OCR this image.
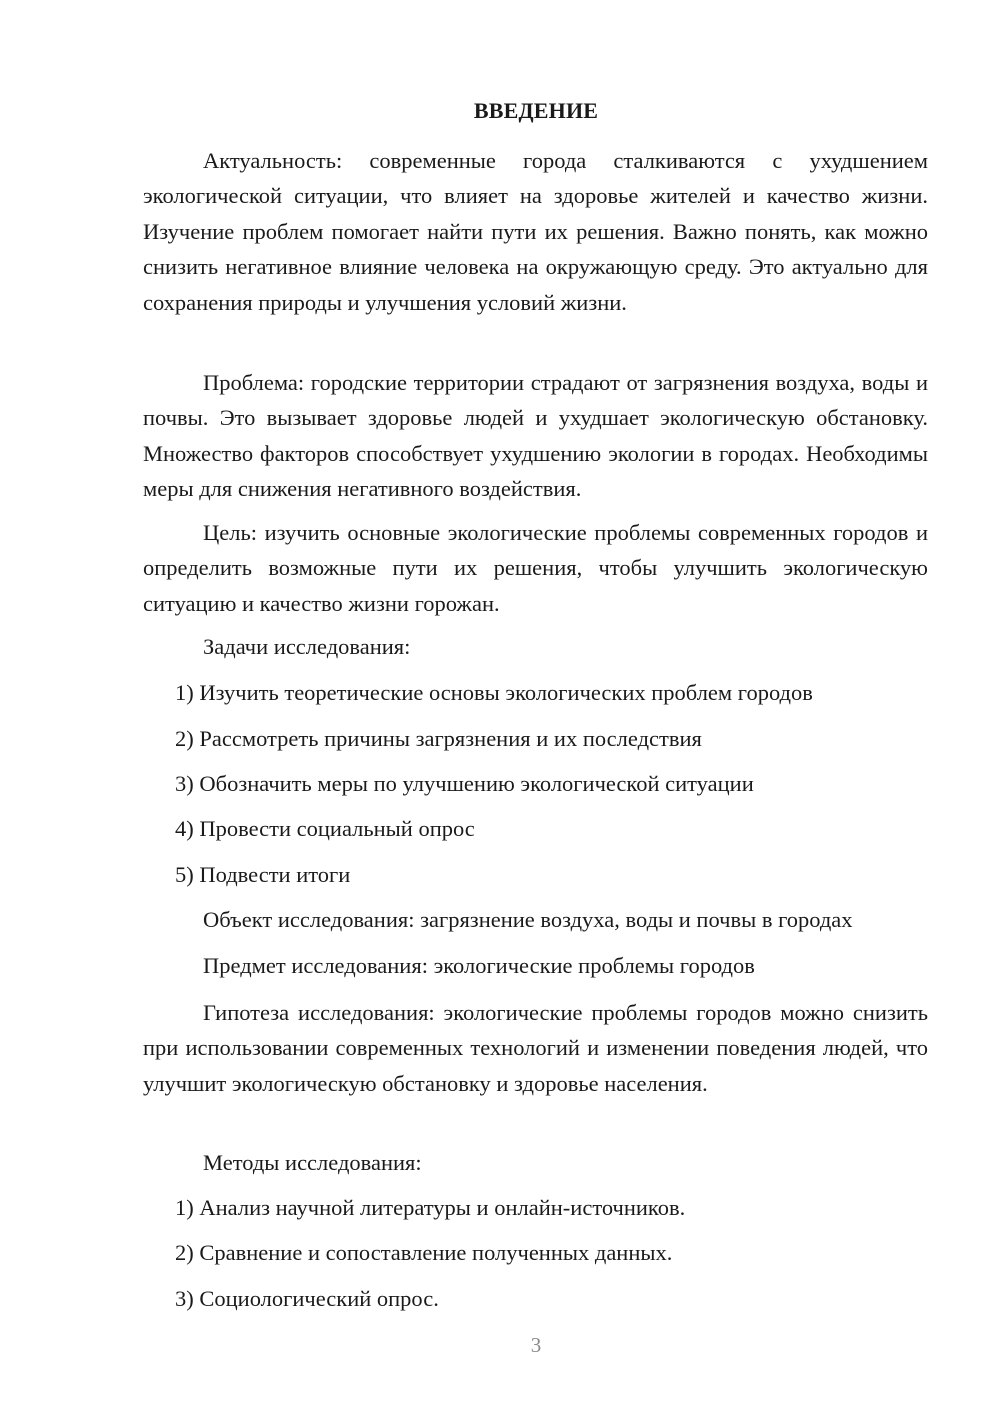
ВВЕДЕНИЕ

Актуальность: современные города сталкиваются с ухудшением экологической ситуации, что влияет на здоровье жителей и качество жизни. Изучение проблем помогает найти пути их решения. Важно понять, как можно снизить негативное влияние человека на окружающую среду. Это актуально для сохранения природы и улучшения условий жизни.

Проблема: городские территории страдают от загрязнения воздуха, воды и почвы. Это вызывает здоровье людей и ухудшает экологическую обстановку. Множество факторов способствует ухудшению экологии в городах. Необходимы меры для снижения негативного воздействия.

Цель: изучить основные экологические проблемы современных городов и определить возможные пути их решения, чтобы улучшить экологическую ситуацию и качество жизни горожан.

Задачи исследования:

1) Изучить теоретические основы экологических проблем городов

2) Рассмотреть причины загрязнения и их последствия

3) Обозначить меры по улучшению экологической ситуации

4) Провести социальный опрос

5) Подвести итоги

Объект исследования: загрязнение воздуха, воды и почвы в городах

Предмет исследования: экологические проблемы городов

Гипотеза исследования: экологические проблемы городов можно снизить при использовании современных технологий и изменении поведения людей, что улучшит экологическую обстановку и здоровье населения.

Методы исследования:

1) Анализ научной литературы и онлайн-источников.

2) Сравнение и сопоставление полученных данных.

3) Социологический опрос.

3
